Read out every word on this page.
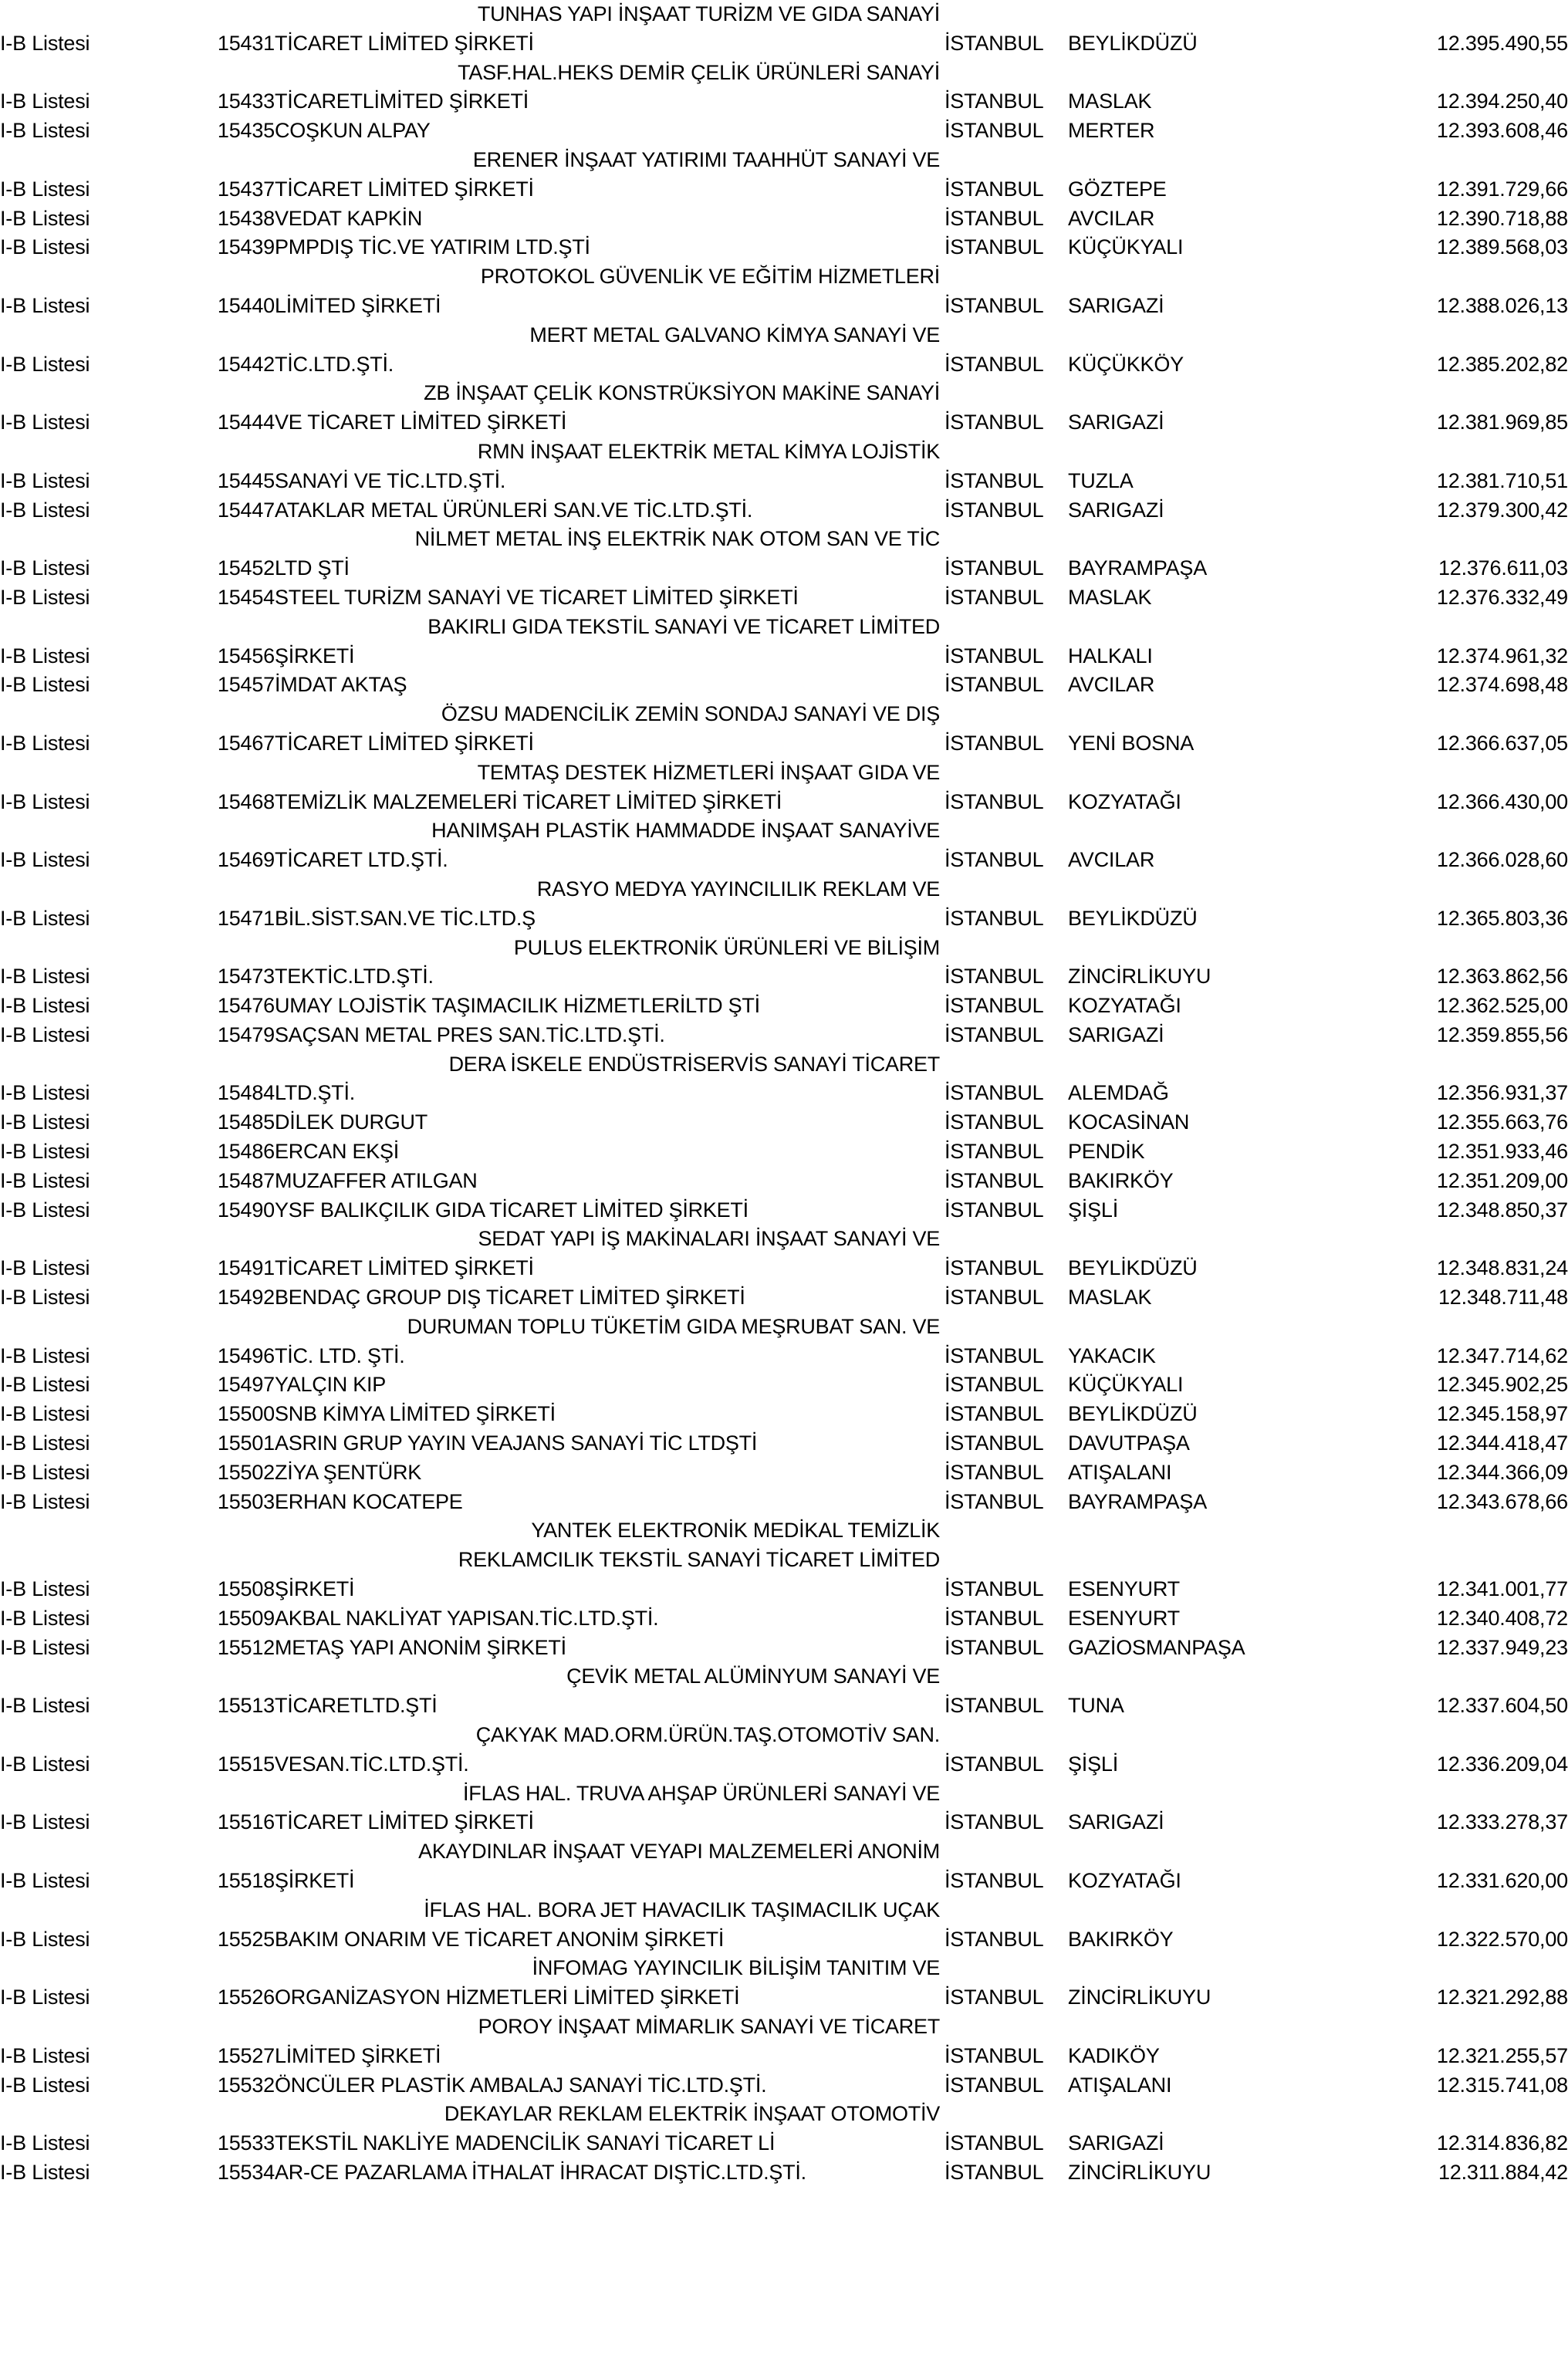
		TUNHAS YAPI İNŞAAT TURİZM VE GIDA SANAYİ			
I-B Listesi	15431	TİCARET LİMİTED ŞİRKETİ	İSTANBUL	BEYLİKDÜZÜ	12.395.490,55
		TASF.HAL.HEKS DEMİR ÇELİK ÜRÜNLERİ SANAYİ			
I-B Listesi	15433	TİCARETLİMİTED ŞİRKETİ	İSTANBUL	MASLAK	12.394.250,40
I-B Listesi	15435	COŞKUN ALPAY	İSTANBUL	MERTER	12.393.608,46
		ERENER İNŞAAT YATIRIMI TAAHHÜT SANAYİ VE			
I-B Listesi	15437	TİCARET LİMİTED ŞİRKETİ	İSTANBUL	GÖZTEPE	12.391.729,66
I-B Listesi	15438	VEDAT KAPKİN	İSTANBUL	AVCILAR	12.390.718,88
I-B Listesi	15439	PMPDIŞ TİC.VE YATIRIM LTD.ŞTİ	İSTANBUL	KÜÇÜKYALI	12.389.568,03
		PROTOKOL GÜVENLİK VE EĞİTİM HİZMETLERİ			
I-B Listesi	15440	LİMİTED ŞİRKETİ	İSTANBUL	SARIGAZİ	12.388.026,13
		MERT METAL GALVANO KİMYA SANAYİ VE			
I-B Listesi	15442	TİC.LTD.ŞTİ.	İSTANBUL	KÜÇÜKKÖY	12.385.202,82
		ZB İNŞAAT ÇELİK KONSTRÜKSİYON MAKİNE SANAYİ			
I-B Listesi	15444	VE TİCARET LİMİTED ŞİRKETİ	İSTANBUL	SARIGAZİ	12.381.969,85
		RMN İNŞAAT ELEKTRİK METAL KİMYA LOJİSTİK			
I-B Listesi	15445	SANAYİ VE TİC.LTD.ŞTİ.	İSTANBUL	TUZLA	12.381.710,51
I-B Listesi	15447	ATAKLAR METAL ÜRÜNLERİ SAN.VE TİC.LTD.ŞTİ.	İSTANBUL	SARIGAZİ	12.379.300,42
		NİLMET METAL İNŞ ELEKTRİK NAK OTOM SAN VE TİC			
I-B Listesi	15452	LTD ŞTİ	İSTANBUL	BAYRAMPAŞA	12.376.611,03
I-B Listesi	15454	STEEL TURİZM SANAYİ VE TİCARET LİMİTED ŞİRKETİ	İSTANBUL	MASLAK	12.376.332,49
		BAKIRLI GIDA TEKSTİL SANAYİ VE TİCARET LİMİTED			
I-B Listesi	15456	ŞİRKETİ	İSTANBUL	HALKALI	12.374.961,32
I-B Listesi	15457	İMDAT AKTAŞ	İSTANBUL	AVCILAR	12.374.698,48
		ÖZSU MADENCİLİK ZEMİN SONDAJ SANAYİ VE DIŞ			
I-B Listesi	15467	TİCARET LİMİTED ŞİRKETİ	İSTANBUL	YENİ BOSNA	12.366.637,05
		TEMTAŞ DESTEK HİZMETLERİ İNŞAAT GIDA VE			
I-B Listesi	15468	TEMİZLİK MALZEMELERİ TİCARET LİMİTED ŞİRKETİ	İSTANBUL	KOZYATAĞI	12.366.430,00
		HANIMŞAH PLASTİK HAMMADDE İNŞAAT SANAYİVE			
I-B Listesi	15469	TİCARET LTD.ŞTİ.	İSTANBUL	AVCILAR	12.366.028,60
		RASYO MEDYA YAYINCILILIK REKLAM VE			
I-B Listesi	15471	BİL.SİST.SAN.VE TİC.LTD.Ş	İSTANBUL	BEYLİKDÜZÜ	12.365.803,36
		PULUS ELEKTRONİK ÜRÜNLERİ VE BİLİŞİM			
I-B Listesi	15473	TEKTİC.LTD.ŞTİ.	İSTANBUL	ZİNCİRLİKUYU	12.363.862,56
I-B Listesi	15476	UMAY LOJİSTİK TAŞIMACILIK HİZMETLERİLTD ŞTİ	İSTANBUL	KOZYATAĞI	12.362.525,00
I-B Listesi	15479	SAÇSAN METAL PRES SAN.TİC.LTD.ŞTİ.	İSTANBUL	SARIGAZİ	12.359.855,56
		DERA İSKELE ENDÜSTRİSERVİS SANAYİ TİCARET			
I-B Listesi	15484	LTD.ŞTİ.	İSTANBUL	ALEMDAĞ	12.356.931,37
I-B Listesi	15485	DİLEK DURGUT	İSTANBUL	KOCASİNAN	12.355.663,76
I-B Listesi	15486	ERCAN EKŞİ	İSTANBUL	PENDİK	12.351.933,46
I-B Listesi	15487	MUZAFFER ATILGAN	İSTANBUL	BAKIRKÖY	12.351.209,00
I-B Listesi	15490	YSF BALIKÇILIK GIDA TİCARET LİMİTED ŞİRKETİ	İSTANBUL	ŞİŞLİ	12.348.850,37
		SEDAT YAPI İŞ MAKİNALARI İNŞAAT SANAYİ VE			
I-B Listesi	15491	TİCARET LİMİTED ŞİRKETİ	İSTANBUL	BEYLİKDÜZÜ	12.348.831,24
I-B Listesi	15492	BENDAÇ GROUP DIŞ TİCARET LİMİTED ŞİRKETİ	İSTANBUL	MASLAK	12.348.711,48
		DURUMAN TOPLU TÜKETİM GIDA MEŞRUBAT SAN. VE			
I-B Listesi	15496	TİC. LTD. ŞTİ.	İSTANBUL	YAKACIK	12.347.714,62
I-B Listesi	15497	YALÇIN KIP	İSTANBUL	KÜÇÜKYALI	12.345.902,25
I-B Listesi	15500	SNB KİMYA LİMİTED ŞİRKETİ	İSTANBUL	BEYLİKDÜZÜ	12.345.158,97
I-B Listesi	15501	ASRIN GRUP YAYIN VEAJANS SANAYİ TİC LTDŞTİ	İSTANBUL	DAVUTPAŞA	12.344.418,47
I-B Listesi	15502	ZİYA ŞENTÜRK	İSTANBUL	ATIŞALANI	12.344.366,09
I-B Listesi	15503	ERHAN KOCATEPE	İSTANBUL	BAYRAMPAŞA	12.343.678,66
		YANTEK ELEKTRONİK MEDİKAL TEMİZLİK			
		REKLAMCILIK TEKSTİL SANAYİ TİCARET LİMİTED			
I-B Listesi	15508	ŞİRKETİ	İSTANBUL	ESENYURT	12.341.001,77
I-B Listesi	15509	AKBAL NAKLİYAT YAPISAN.TİC.LTD.ŞTİ.	İSTANBUL	ESENYURT	12.340.408,72
I-B Listesi	15512	METAŞ YAPI ANONİM ŞİRKETİ	İSTANBUL	GAZİOSMANPAŞA	12.337.949,23
		ÇEVİK METAL ALÜMİNYUM SANAYİ VE			
I-B Listesi	15513	TİCARETLTD.ŞTİ	İSTANBUL	TUNA	12.337.604,50
		ÇAKYAK MAD.ORM.ÜRÜN.TAŞ.OTOMOTİV SAN.			
I-B Listesi	15515	VESAN.TİC.LTD.ŞTİ.	İSTANBUL	ŞİŞLİ	12.336.209,04
		İFLAS HAL. TRUVA AHŞAP ÜRÜNLERİ SANAYİ VE			
I-B Listesi	15516	TİCARET LİMİTED ŞİRKETİ	İSTANBUL	SARIGAZİ	12.333.278,37
		AKAYDINLAR İNŞAAT VEYAPI MALZEMELERİ ANONİM			
I-B Listesi	15518	ŞİRKETİ	İSTANBUL	KOZYATAĞI	12.331.620,00
		İFLAS HAL. BORA JET HAVACILIK TAŞIMACILIK UÇAK			
I-B Listesi	15525	BAKIM ONARIM VE TİCARET ANONİM ŞİRKETİ	İSTANBUL	BAKIRKÖY	12.322.570,00
		İNFOMAG YAYINCILIK BİLİŞİM TANITIM VE			
I-B Listesi	15526	ORGANİZASYON HİZMETLERİ LİMİTED ŞİRKETİ	İSTANBUL	ZİNCİRLİKUYU	12.321.292,88
		POROY İNŞAAT MİMARLIK SANAYİ VE TİCARET			
I-B Listesi	15527	LİMİTED ŞİRKETİ	İSTANBUL	KADIKÖY	12.321.255,57
I-B Listesi	15532	ÖNCÜLER PLASTİK AMBALAJ SANAYİ TİC.LTD.ŞTİ.	İSTANBUL	ATIŞALANI	12.315.741,08
		DEKAYLAR REKLAM ELEKTRİK İNŞAAT OTOMOTİV			
I-B Listesi	15533	TEKSTİL NAKLİYE MADENCİLİK SANAYİ TİCARET Lİ	İSTANBUL	SARIGAZİ	12.314.836,82
I-B Listesi	15534	AR-CE PAZARLAMA İTHALAT İHRACAT DIŞTİC.LTD.ŞTİ.	İSTANBUL	ZİNCİRLİKUYU	12.311.884,42
